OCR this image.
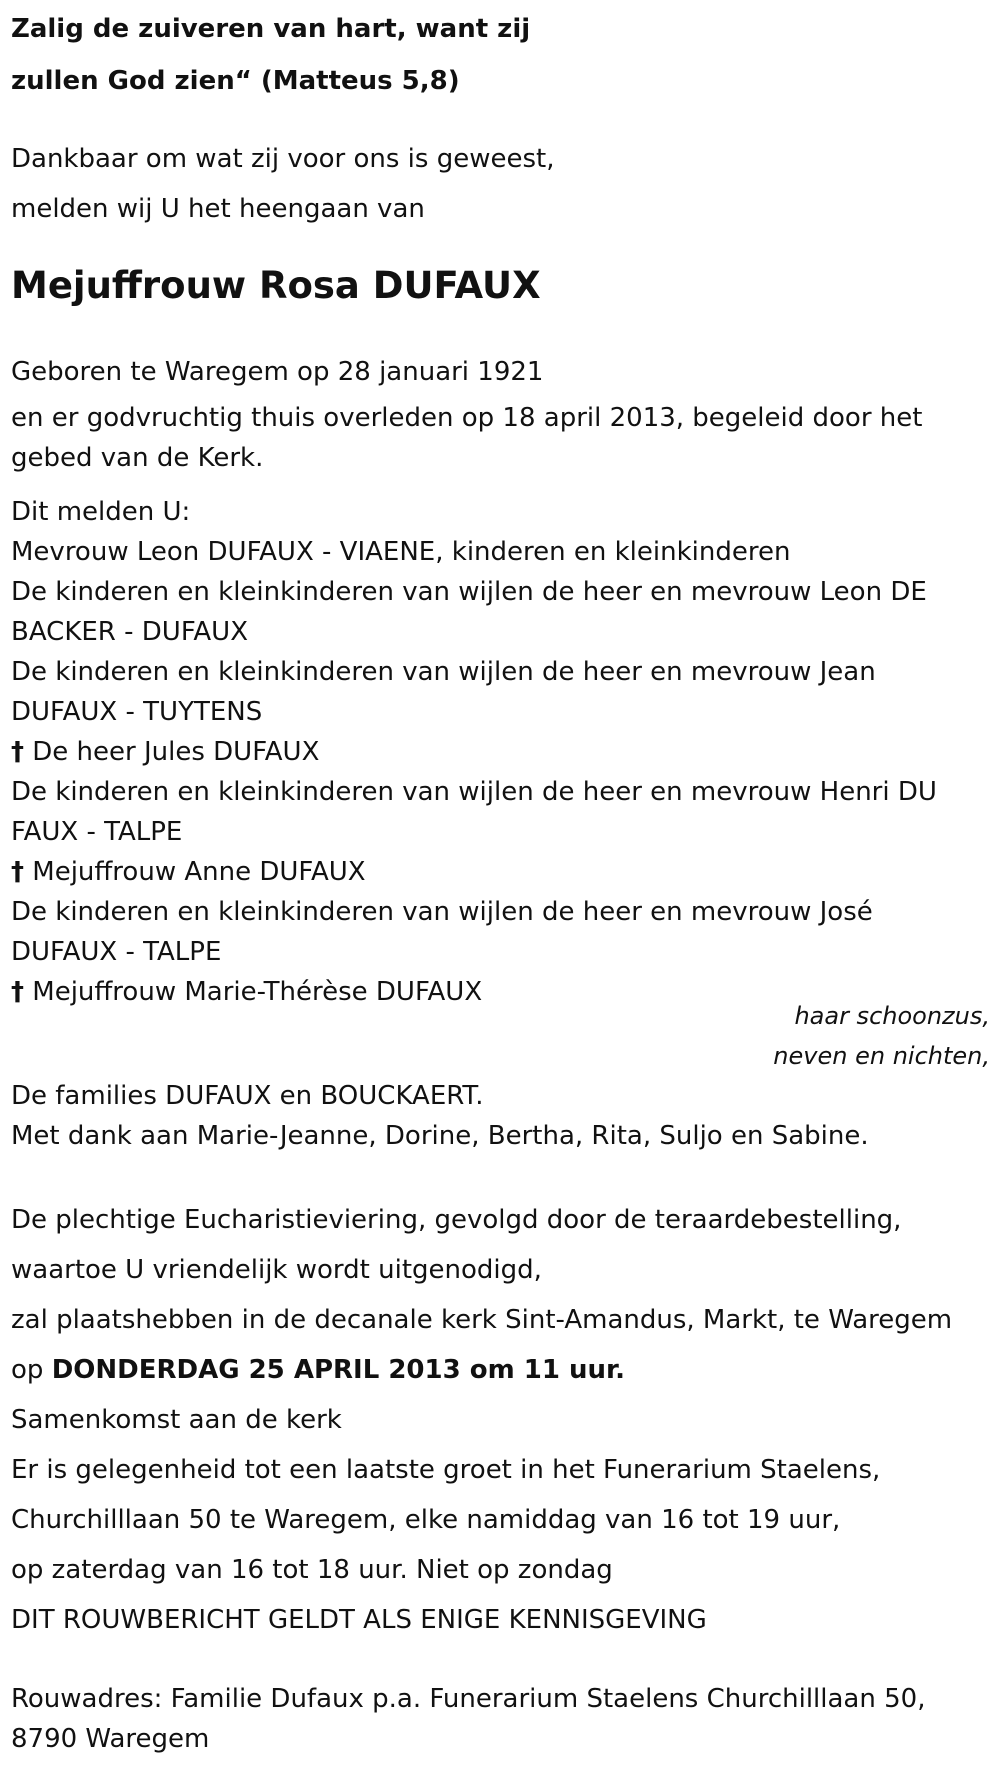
Zalig de zuiveren van hart, want zij
zullen God zien“ (Matteus 5,8)
Dankbaar om wat zij voor ons is geweest,
melden wij U het heengaan van
Mejuffrouw Rosa DUFAUX
Geboren te Waregem op 28 januari 1921
en er godvruchtig thuis overleden op 18 april 2013, begeleid door het gebed van de Kerk.
Dit melden U:
Mevrouw Leon DUFAUX - VIAENE, kinderen en kleinkinderen
De kinderen en kleinkinderen van wijlen de heer en mevrouw Leon DE BACKER - DUFAUX
De kinderen en kleinkinderen van wijlen de heer en mevrouw Jean DUFAUX - TUYTENS
† De heer Jules DUFAUX
De kinderen en kleinkinderen van wijlen de heer en mevrouw Henri DU FAUX - TALPE
† Mejuffrouw Anne DUFAUX
De kinderen en kleinkinderen van wijlen de heer en mevrouw José DUFAUX - TALPE
† Mejuffrouw Marie-Thérèse DUFAUX
haar schoonzus,
neven en nichten,
De families DUFAUX en BOUCKAERT.
Met dank aan Marie-Jeanne, Dorine, Bertha, Rita, Suljo en Sabine.
De plechtige Eucharistieviering, gevolgd door de teraardebestelling,
waartoe U vriendelijk wordt uitgenodigd,
zal plaatshebben in de decanale kerk Sint-Amandus, Markt, te Waregem
op DONDERDAG 25 APRIL 2013 om 11 uur.
Samenkomst aan de kerk
Er is gelegenheid tot een laatste groet in het Funerarium Staelens,
Churchilllaan 50 te Waregem, elke namiddag van 16 tot 19 uur,
op zaterdag van 16 tot 18 uur. Niet op zondag
DIT ROUWBERICHT GELDT ALS ENIGE KENNISGEVING
Rouwadres: Familie Dufaux p.a. Funerarium Staelens Churchilllaan 50, 8790 Waregem
